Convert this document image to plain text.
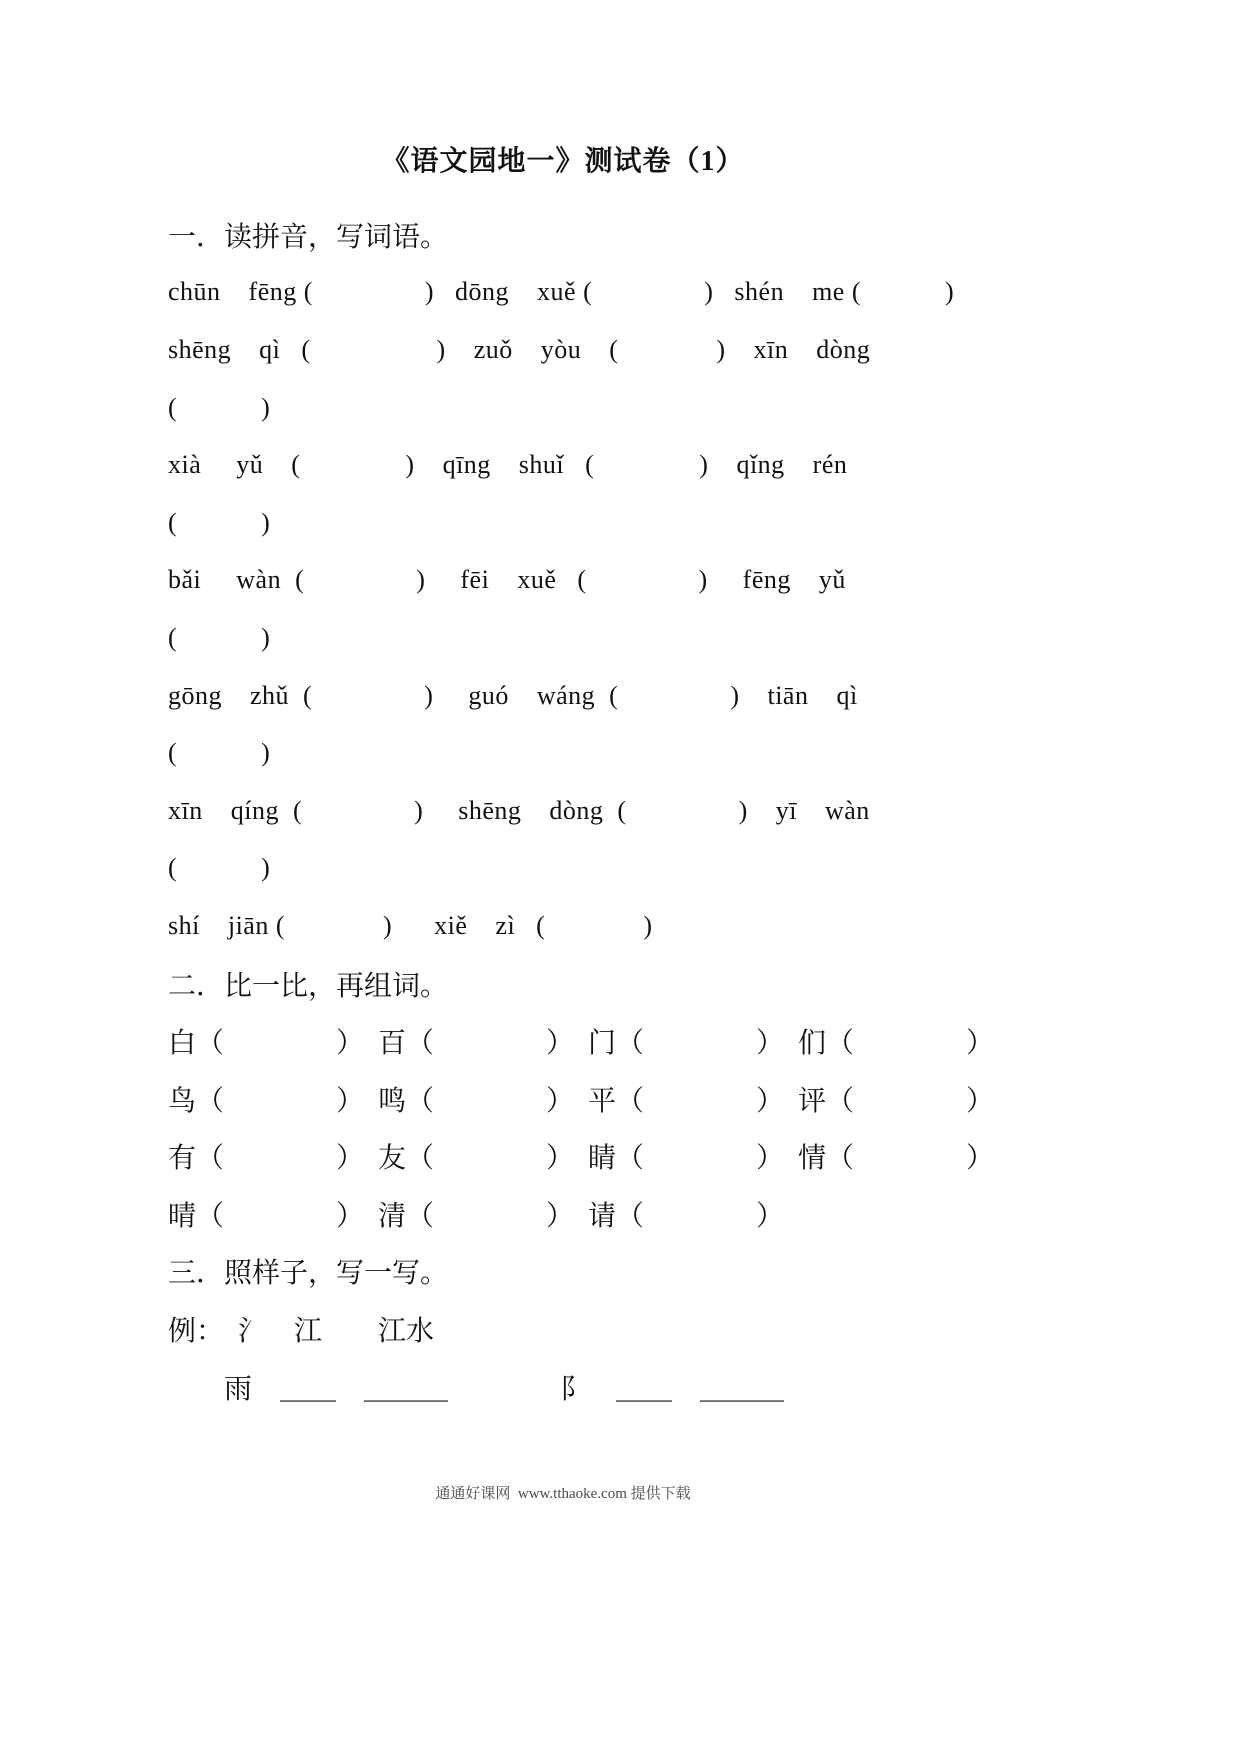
《语文园地一》测试卷（1）
一．读拼音，写词语。
chūn    fēng (                )   dōng    xuě (                )   shén    me (            )
shēng    qì   (                  )    zuǒ    yòu    (              )    xīn    dòng
(            )
xià     yǔ    (               )    qīng    shuǐ   (               )    qǐng    rén
(            )
bǎi     wàn  (                )     fēi    xuě   (                )     fēng    yǔ
(            )
gōng    zhǔ  (                )     guó    wáng  (                )    tiān    qì
(            )
xīn    qíng  (                )     shēng    dòng  (                )    yī    wàn
(            )
shí    jiān (              )      xiě    zì   (              )
二．比一比，再组词。
白（　　　　）　百（　　　　）　门（　　　　）　们（　　　　）
鸟（　　　　）　鸣（　　　　）　平（　　　　）　评（　　　　）
有（　　　　）　友（　　　　）　睛（　　　　）　情（　　　　）
晴（　　　　）　清（　　　　）　请（　　　　）
三．照样子，写一写。
例：　氵　江　　江水
　　雨　＿＿　＿＿＿　　　　阝　＿＿　＿＿＿
通通好课网  www.tthaoke.com 提供下载
